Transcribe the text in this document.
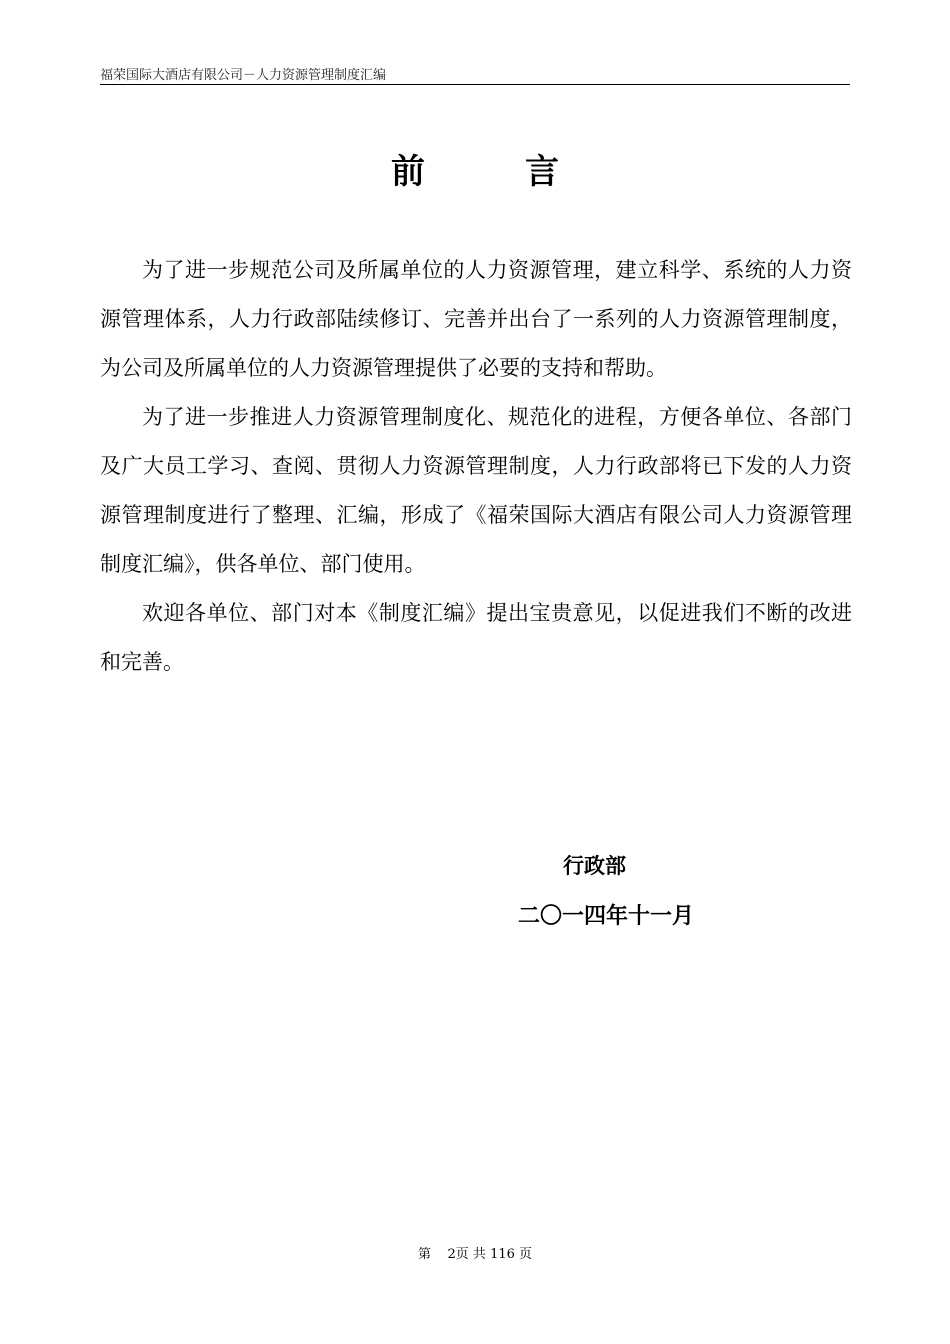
福荣国际大酒店有限公司－人力资源管理制度汇编
前言

为了进一步规范公司及所属单位的人力资源管理，建立科学、系统的人力资源管理体系，人力行政部陆续修订、完善并出台了一系列的人力资源管理制度，为公司及所属单位的人力资源管理提供了必要的支持和帮助。

为了进一步推进人力资源管理制度化、规范化的进程，方便各单位、各部门及广大员工学习、查阅、贯彻人力资源管理制度，人力行政部将已下发的人力资源管理制度进行了整理、汇编，形成了《福荣国际大酒店有限公司人力资源管理制度汇编》，供各单位、部门使用。

欢迎各单位、部门对本《制度汇编》提出宝贵意见，以促进我们不断的改进和完善。

行政部
二〇一四年十一月
第 2页 共 116 页
